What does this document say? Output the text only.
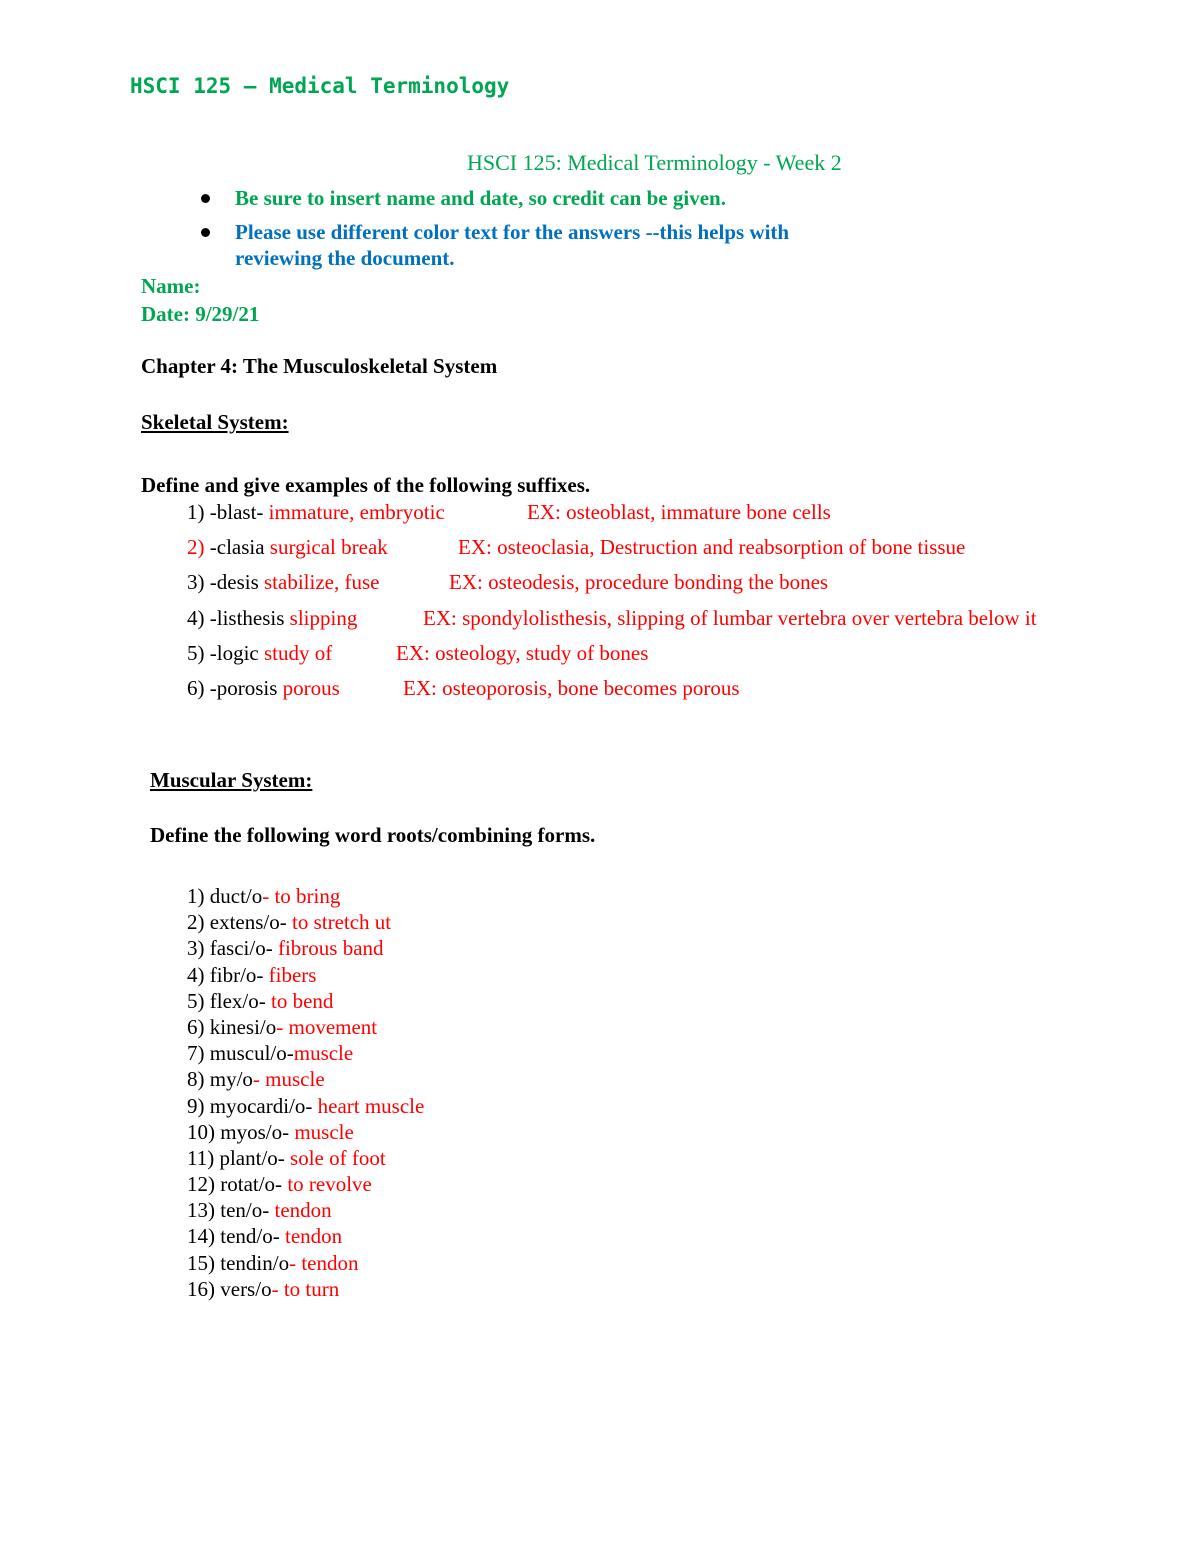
HSCI 125 – Medical Terminology
HSCI 125: Medical Terminology - Week 2
Be sure to insert name and date, so credit can be given.
Please use different color text for the answers --this helps with
reviewing the document.
Name:
Date: 9/29/21
Chapter 4: The Musculoskeletal System
Skeletal System:
Define and give examples of the following suffixes.
1) -blast- immature, embryotic	EX: osteoblast, immature bone cells
2) -clasia surgical break	EX: osteoclasia, Destruction and reabsorption of bone tissue
3) -desis stabilize, fuse	EX: osteodesis, procedure bonding the bones
4) -listhesis slipping	EX: spondylolisthesis, slipping of lumbar vertebra over vertebra below it
5) -logic study of	EX: osteology, study of bones
6) -porosis porous	EX: osteoporosis, bone becomes porous
Muscular System:
Define the following word roots/combining forms.
1) duct/o- to bring
2) extens/o- to stretch ut
3) fasci/o- fibrous band
4) fibr/o- fibers
5) flex/o- to bend
6) kinesi/o- movement
7) muscul/o-muscle
8) my/o- muscle
9) myocardi/o- heart muscle
10) myos/o- muscle
11) plant/o- sole of foot
12) rotat/o- to revolve
13) ten/o- tendon
14) tend/o- tendon
15) tendin/o- tendon
16) vers/o- to turn
